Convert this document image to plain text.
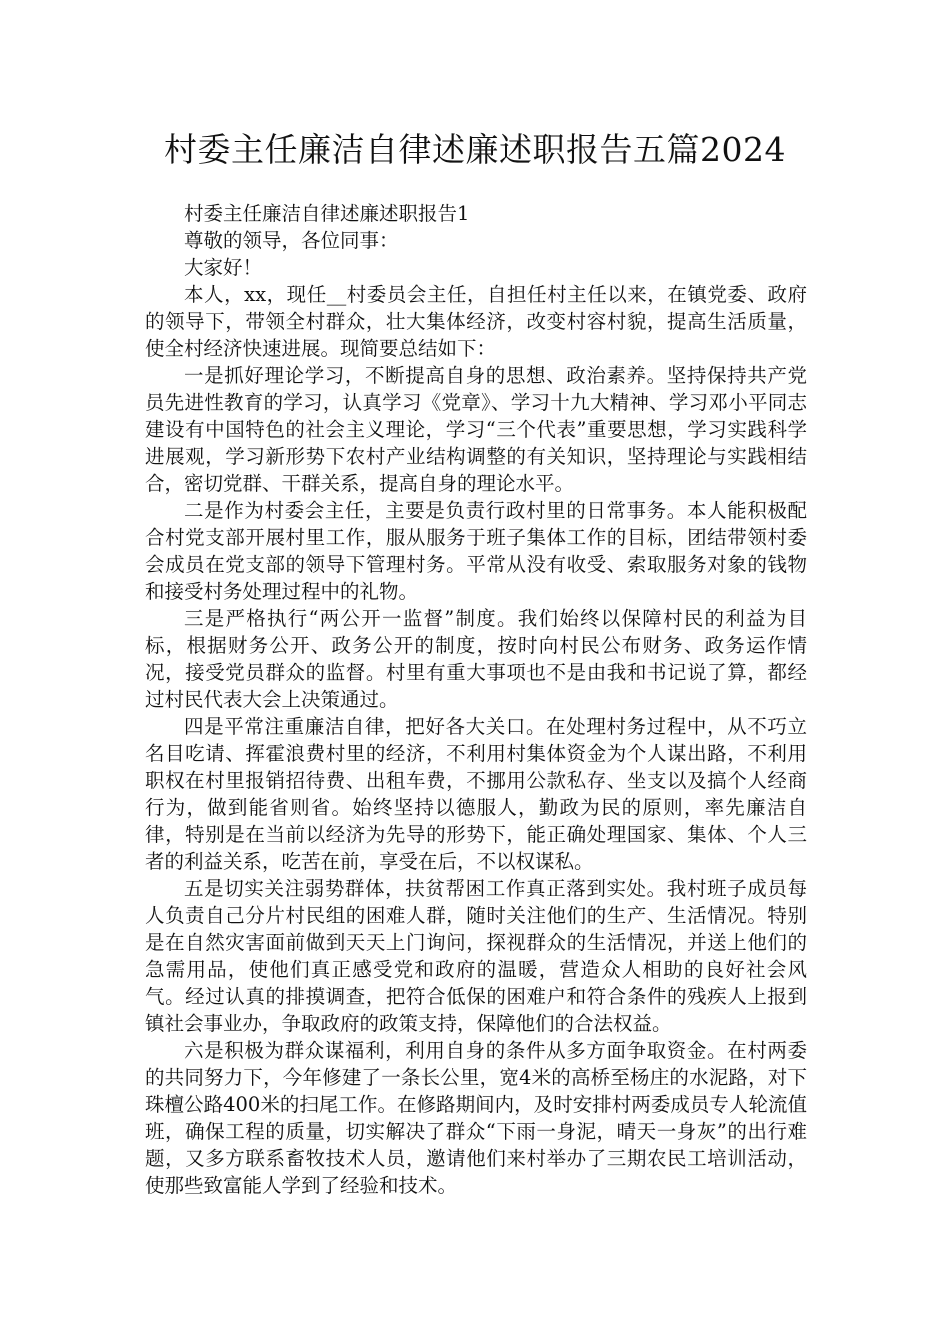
村委主任廉洁自律述廉述职报告五篇2024

村委主任廉洁自律述廉述职报告1

尊敬的领导，各位同事：

大家好！

本人，xx，现任__村委员会主任，自担任村主任以来，在镇党委、政府的领导下，带领全村群众，壮大集体经济，改变村容村貌，提高生活质量，使全村经济快速进展。现简要总结如下：

一是抓好理论学习，不断提高自身的思想、政治素养。坚持保持共产党员先进性教育的学习，认真学习《党章》、学习十九大精神、学习邓小平同志建设有中国特色的社会主义理论，学习“三个代表”重要思想，学习实践科学进展观，学习新形势下农村产业结构调整的有关知识，坚持理论与实践相结合，密切党群、干群关系，提高自身的理论水平。

二是作为村委会主任，主要是负责行政村里的日常事务。本人能积极配合村党支部开展村里工作，服从服务于班子集体工作的目标，团结带领村委会成员在党支部的领导下管理村务。平常从没有收受、索取服务对象的钱物和接受村务处理过程中的礼物。

三是严格执行“两公开一监督”制度。我们始终以保障村民的利益为目标，根据财务公开、政务公开的制度，按时向村民公布财务、政务运作情况，接受党员群众的监督。村里有重大事项也不是由我和书记说了算，都经过村民代表大会上决策通过。

四是平常注重廉洁自律，把好各大关口。在处理村务过程中，从不巧立名目吃请、挥霍浪费村里的经济，不利用村集体资金为个人谋出路，不利用职权在村里报销招待费、出租车费，不挪用公款私存、坐支以及搞个人经商行为，做到能省则省。始终坚持以德服人，勤政为民的原则，率先廉洁自律，特别是在当前以经济为先导的形势下，能正确处理国家、集体、个人三者的利益关系，吃苦在前，享受在后，不以权谋私。

五是切实关注弱势群体，扶贫帮困工作真正落到实处。我村班子成员每人负责自己分片村民组的困难人群，随时关注他们的生产、生活情况。特别是在自然灾害面前做到天天上门询问，探视群众的生活情况，并送上他们的急需用品，使他们真正感受党和政府的温暖，营造众人相助的良好社会风气。经过认真的排摸调查，把符合低保的困难户和符合条件的残疾人上报到镇社会事业办，争取政府的政策支持，保障他们的合法权益。

六是积极为群众谋福利，利用自身的条件从多方面争取资金。在村两委的共同努力下，今年修建了一条长公里，宽4米的高桥至杨庄的水泥路，对下珠檀公路400米的扫尾工作。在修路期间内，及时安排村两委成员专人轮流值班，确保工程的质量，切实解决了群众“下雨一身泥，晴天一身灰”的出行难题，又多方联系畜牧技术人员，邀请他们来村举办了三期农民工培训活动，使那些致富能人学到了经验和技术。
